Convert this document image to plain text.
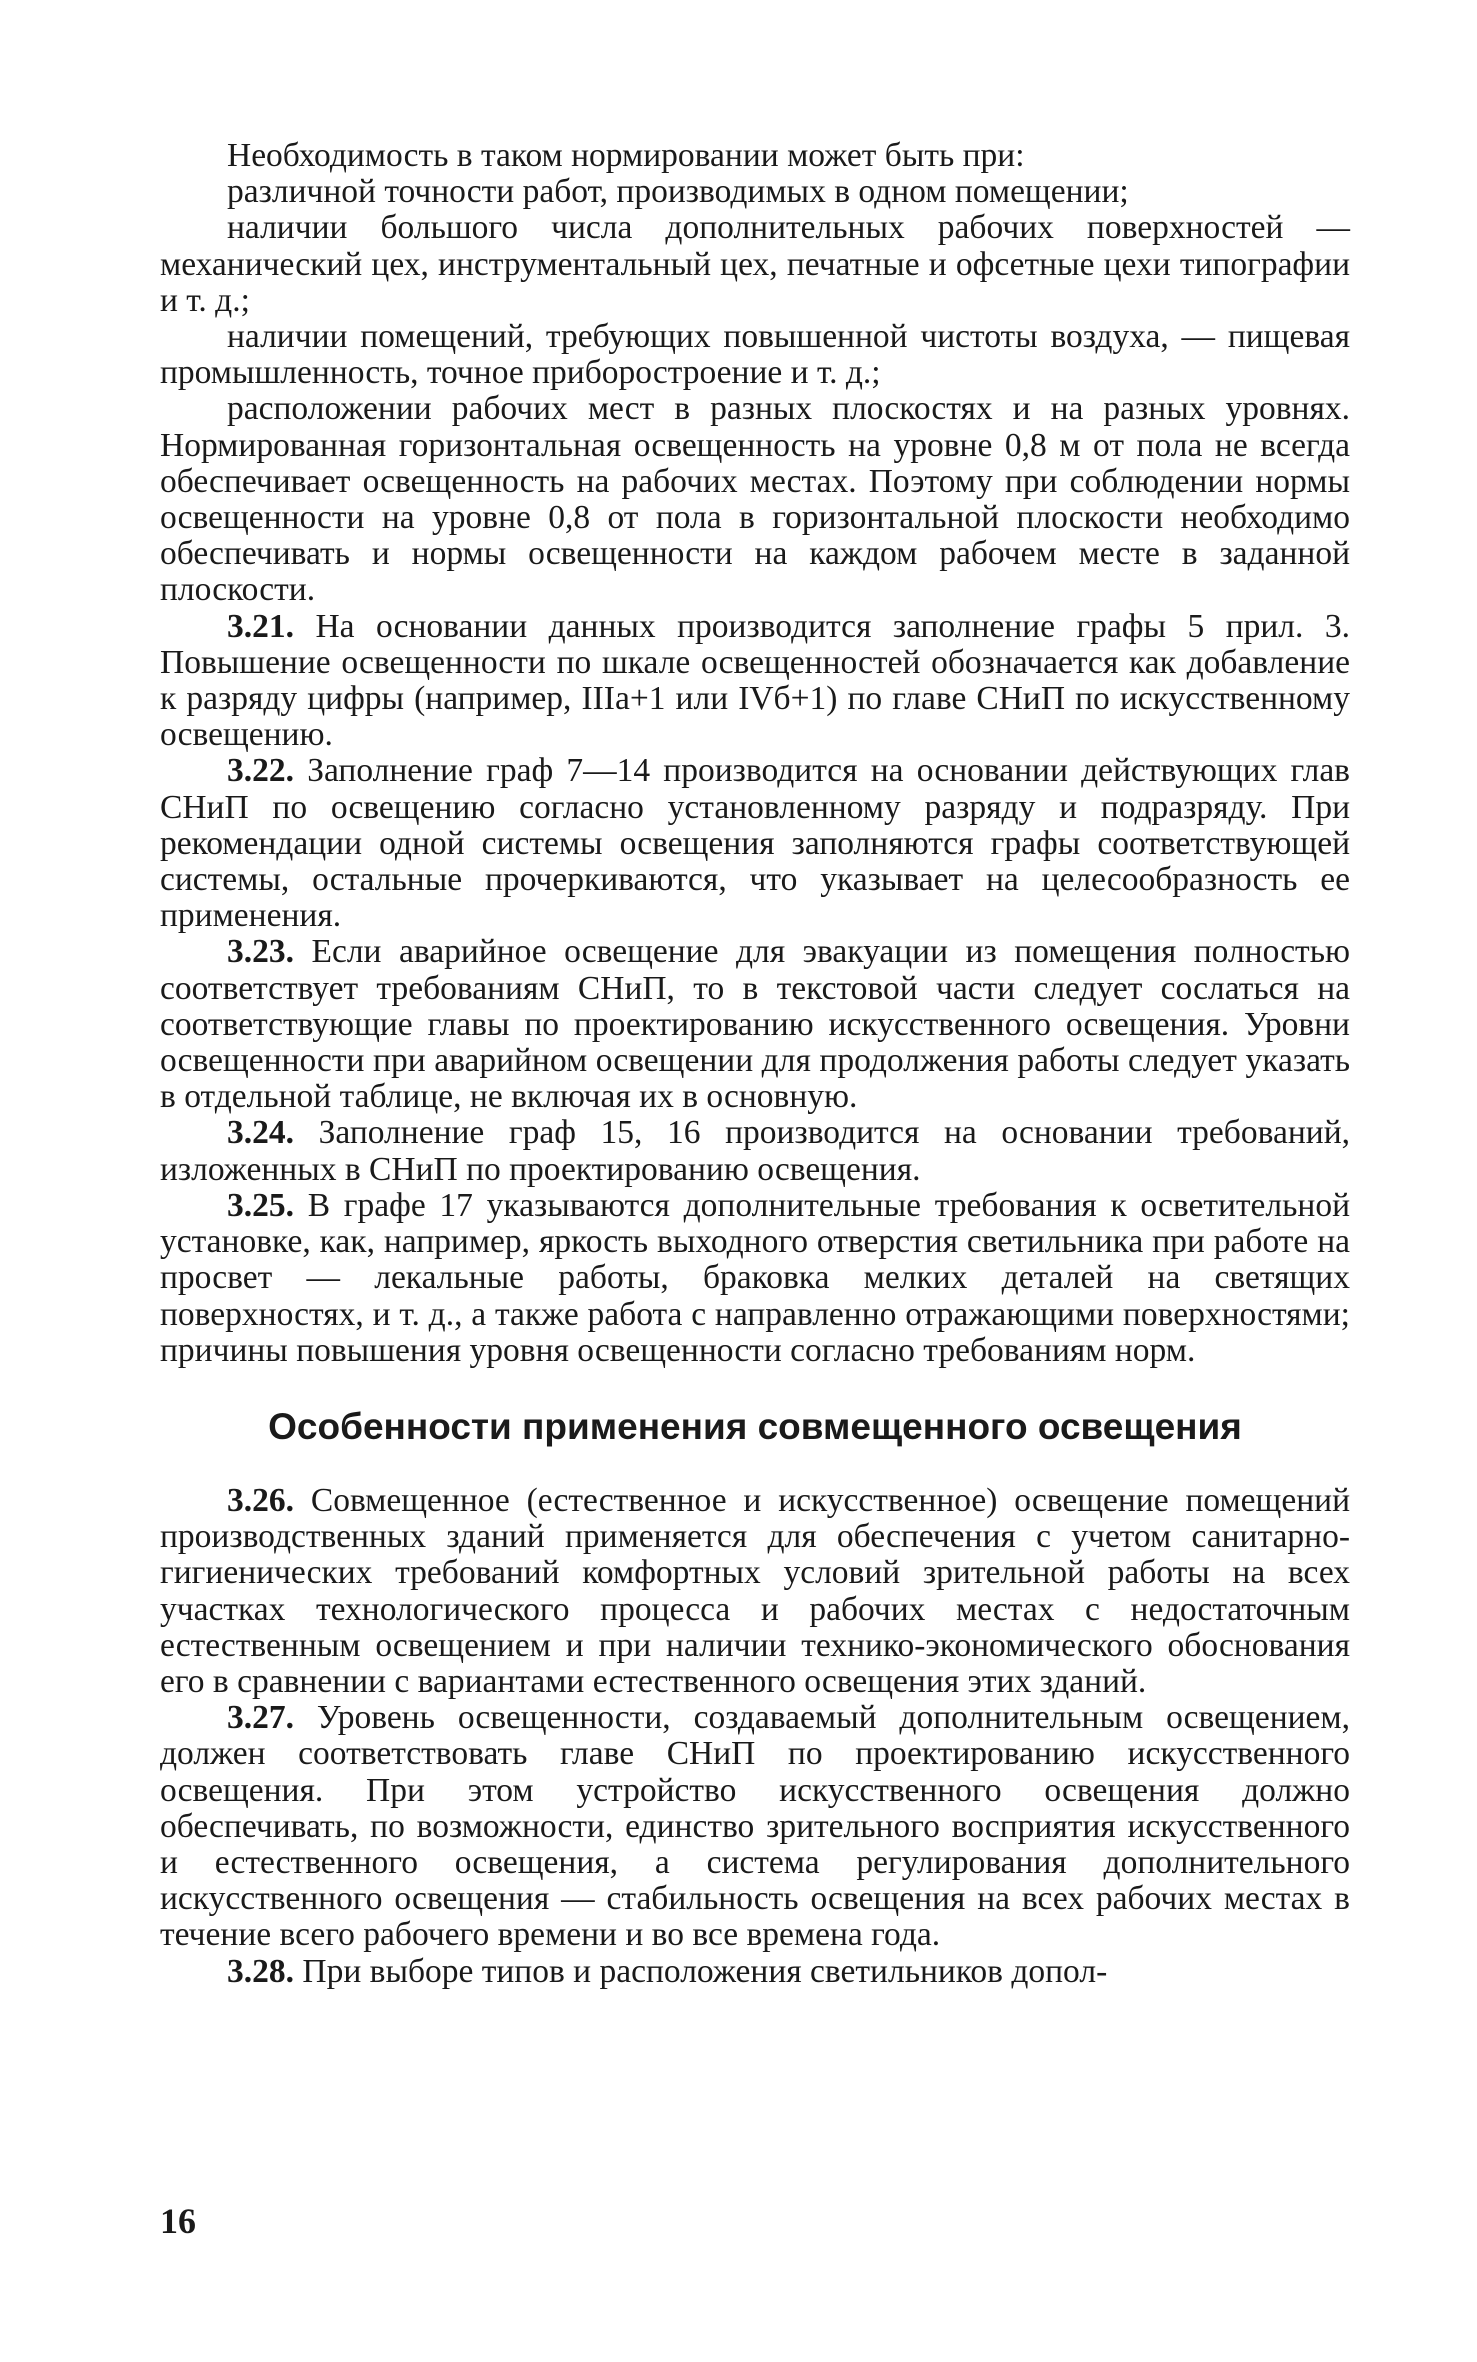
Необходимость в таком нормировании может быть при:

различной точности работ, производимых в одном помещении;

наличии большого числа дополнительных рабочих поверхностей — механический цех, инструментальный цех, печатные и офсетные цехи типографии и т. д.;

наличии помещений, требующих повышенной чистоты воздуха, — пищевая промышленность, точное приборостроение и т. д.;

расположении рабочих мест в разных плоскостях и на разных уровнях. Нормированная горизонтальная освещенность на уровне 0,8 м от пола не всегда обеспечивает освещенность на рабочих местах. Поэтому при соблюдении нормы освещенности на уровне 0,8 от пола в горизонтальной плоскости необходимо обеспечивать и нормы освещенности на каждом рабочем месте в заданной плоскости.

3.21. На основании данных производится заполнение графы 5 прил. 3. Повышение освещенности по шкале освещенностей обозначается как добавление к разряду цифры (например, IIIа+1 или IVб+1) по главе СНиП по искусственному освещению.

3.22. Заполнение граф 7—14 производится на основании действующих глав СНиП по освещению согласно установленному разряду и подразряду. При рекомендации одной системы освещения заполняются графы соответствующей системы, остальные прочеркиваются, что указывает на целесообразность ее применения.

3.23. Если аварийное освещение для эвакуации из помещения полностью соответствует требованиям СНиП, то в текстовой части следует сослаться на соответствующие главы по проектированию искусственного освещения. Уровни освещенности при аварийном освещении для продолжения работы следует указать в отдельной таблице, не включая их в основную.

3.24. Заполнение граф 15, 16 производится на основании требований, изложенных в СНиП по проектированию освещения.

3.25. В графе 17 указываются дополнительные требования к осветительной установке, как, например, яркость выходного отверстия светильника при работе на просвет — лекальные работы, браковка мелких деталей на светящих поверхностях, и т. д., а также работа с направленно отражающими поверхностями; причины повышения уровня освещенности согласно требованиям норм.

Особенности применения совмещенного освещения

3.26. Совмещенное (естественное и искусственное) освещение помещений производственных зданий применяется для обеспечения с учетом санитарно-гигиенических требований комфортных условий зрительной работы на всех участках технологического процесса и рабочих местах с недостаточным естественным освещением и при наличии технико-экономического обоснования его в сравнении с вариантами естественного освещения этих зданий.

3.27. Уровень освещенности, создаваемый дополнительным освещением, должен соответствовать главе СНиП по проектированию искусственного освещения. При этом устройство искусственного освещения должно обеспечивать, по возможности, единство зрительного восприятия искусственного и естественного освещения, а система регулирования дополнительного искусственного освещения — стабильность освещения на всех рабочих местах в течение всего рабочего времени и во все времена года.

3.28. При выборе типов и расположения светильников допол-

16
